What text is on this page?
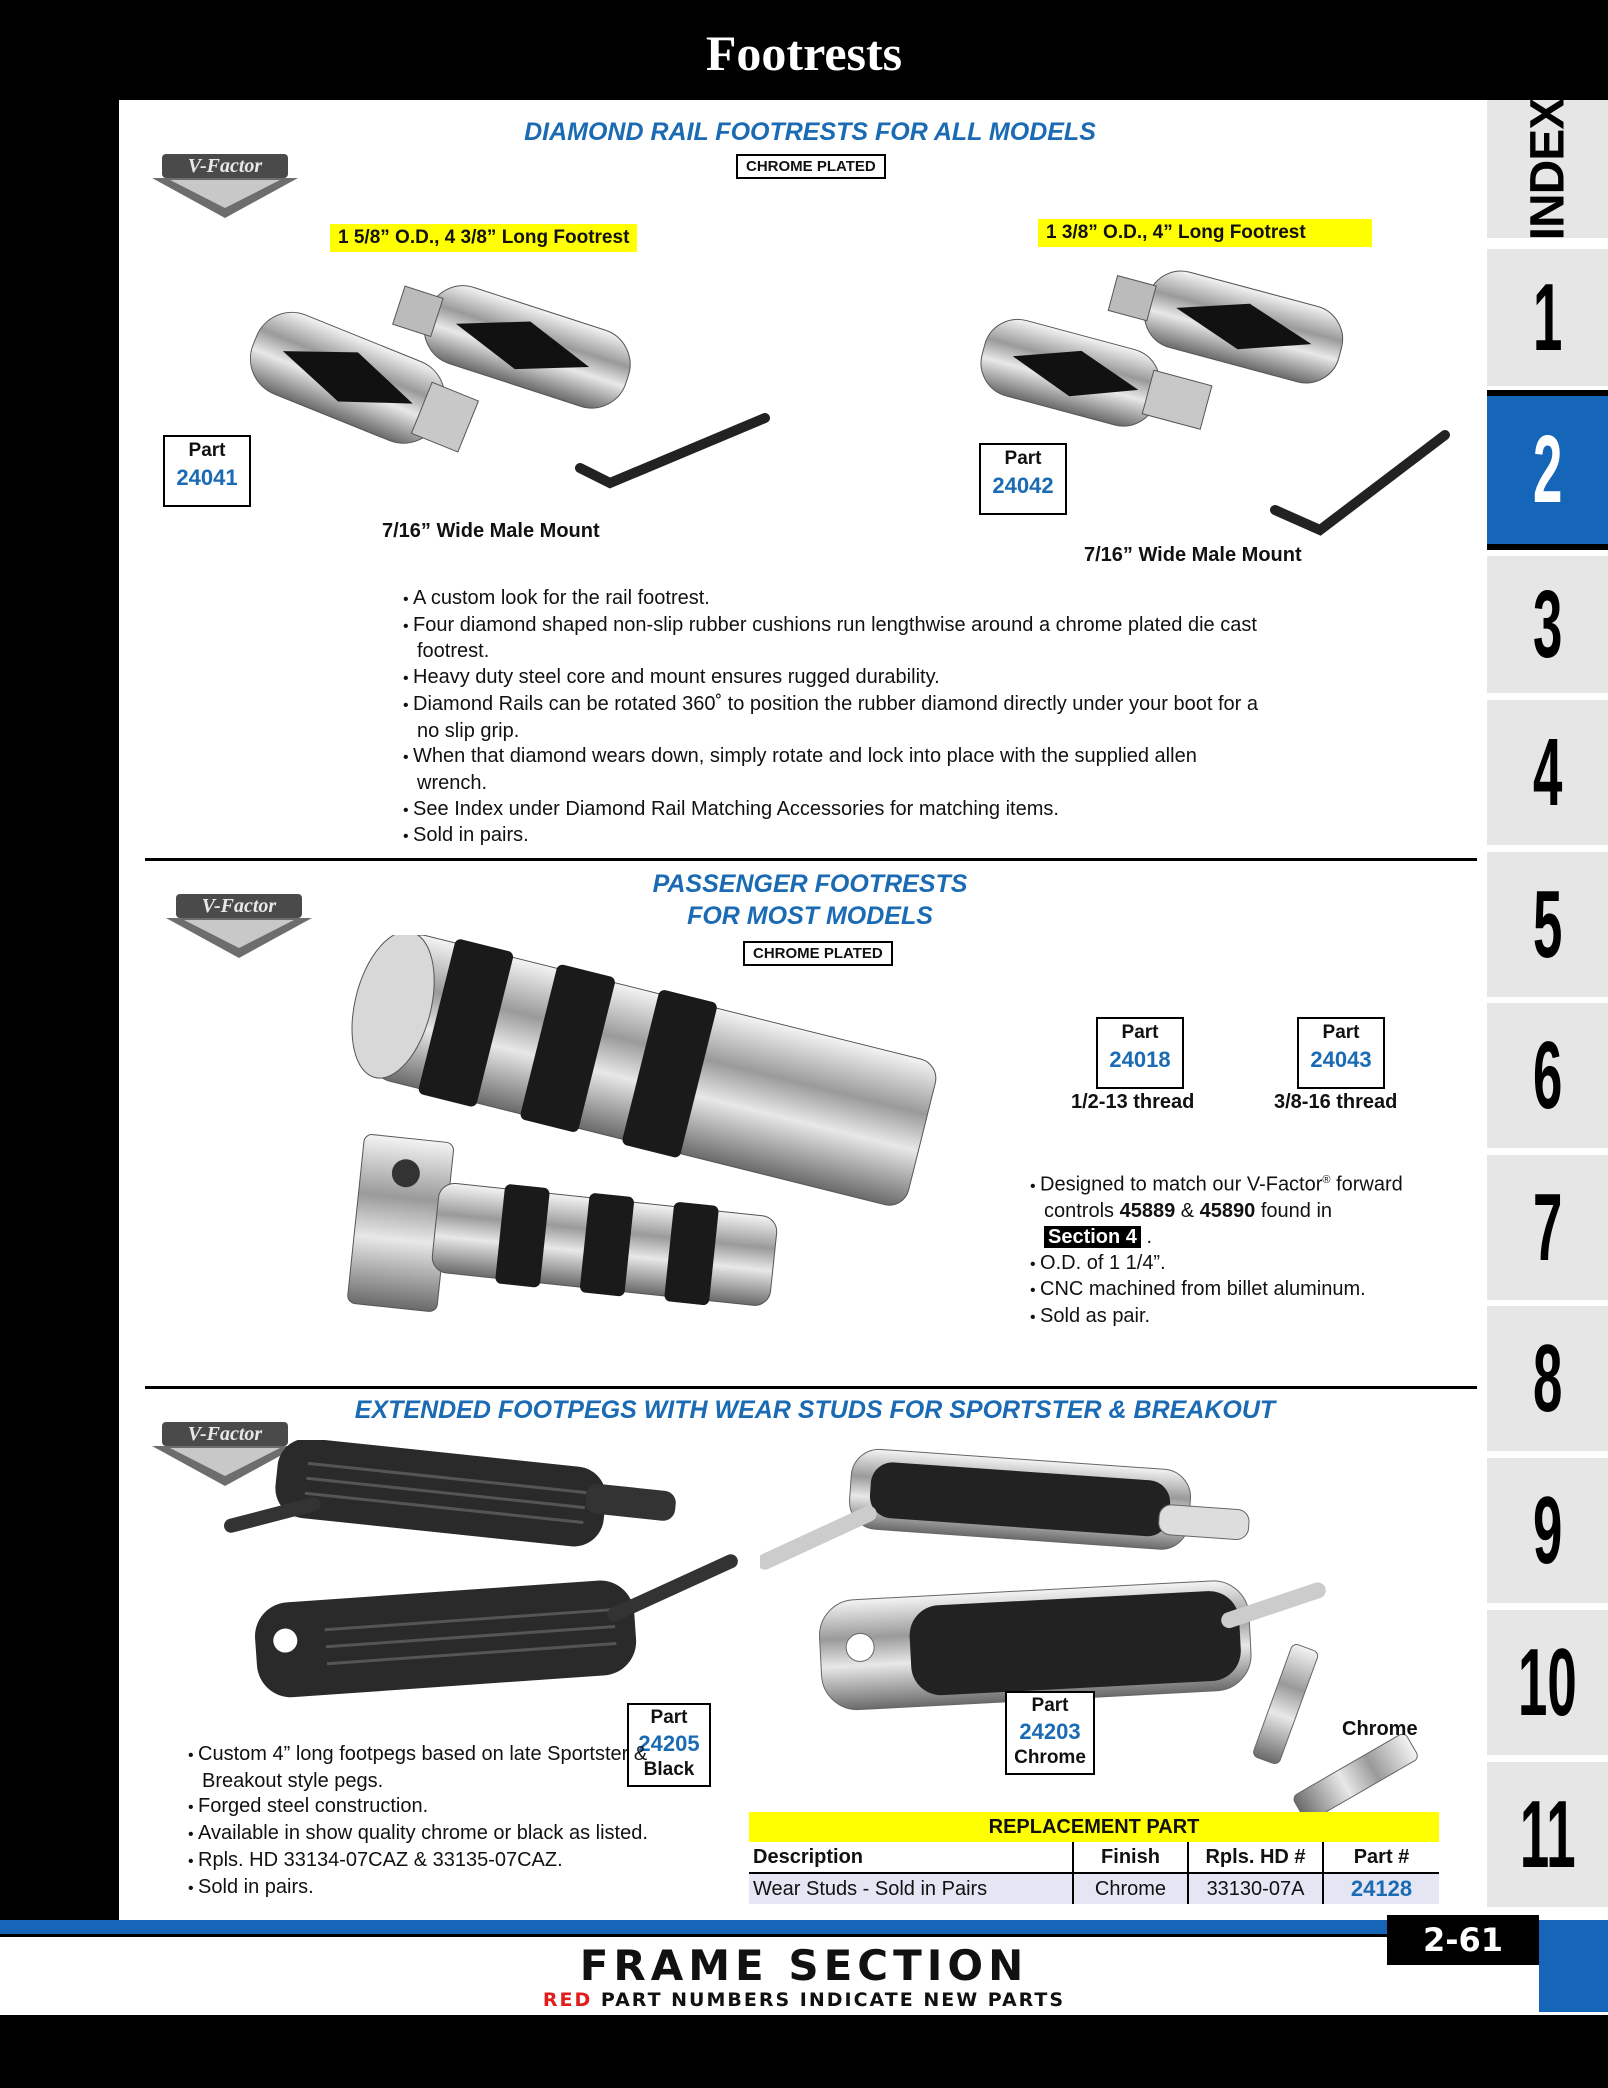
Footrests
INDEX
1
2
3
4
5
6
7
8
9
10
11
V-Factor
V-Factor
V-Factor
DIAMOND RAIL FOOTRESTS FOR ALL MODELS
CHROME PLATED
1 5/8” O.D., 4 3/8” Long Footrest	1 3/8” O.D., 4” Long Footrest
Part
24041
Part
24042
7/16” Wide Male Mount
7/16” Wide Male Mount
• A custom look for the rail footrest.
• Four diamond shaped non-slip rubber cushions run lengthwise around a chrome plated die cast footrest.
• Heavy duty steel core and mount ensures rugged durability.
• Diamond Rails can be rotated 360˚ to position the rubber diamond directly under your boot for a no slip grip.
• When that diamond wears down, simply rotate and lock into place with the supplied allen wrench.
• See Index under Diamond Rail Matching Accessories for matching items.
• Sold in pairs.
PASSENGER FOOTRESTS
FOR MOST MODELS
CHROME PLATED
Part
24018
Part
24043
1/2-13 thread	3/8-16 thread
• Designed to match our V-Factor® forward controls 45889 & 45890 found in
Section 4 .
• O.D. of 1 1/4”.
• CNC machined from billet aluminum.
• Sold as pair.
EXTENDED FOOTPEGS WITH WEAR STUDS FOR SPORTSTER & BREAKOUT
Part
24205
Black
Part
24203
Chrome
Chrome
• Custom 4” long footpegs based on late Sportster & Breakout style pegs.
• Forged steel construction.
• Available in show quality chrome or black as listed.
• Rpls. HD 33134-07CAZ & 33135-07CAZ.
• Sold in pairs.
REPLACEMENT PART			
Description	Finish	Rpls. HD #	Part #
Wear Studs - Sold in Pairs	Chrome	33130-07A	24128
FRAME SECTION
RED PART NUMBERS INDICATE NEW PARTS
2-61
